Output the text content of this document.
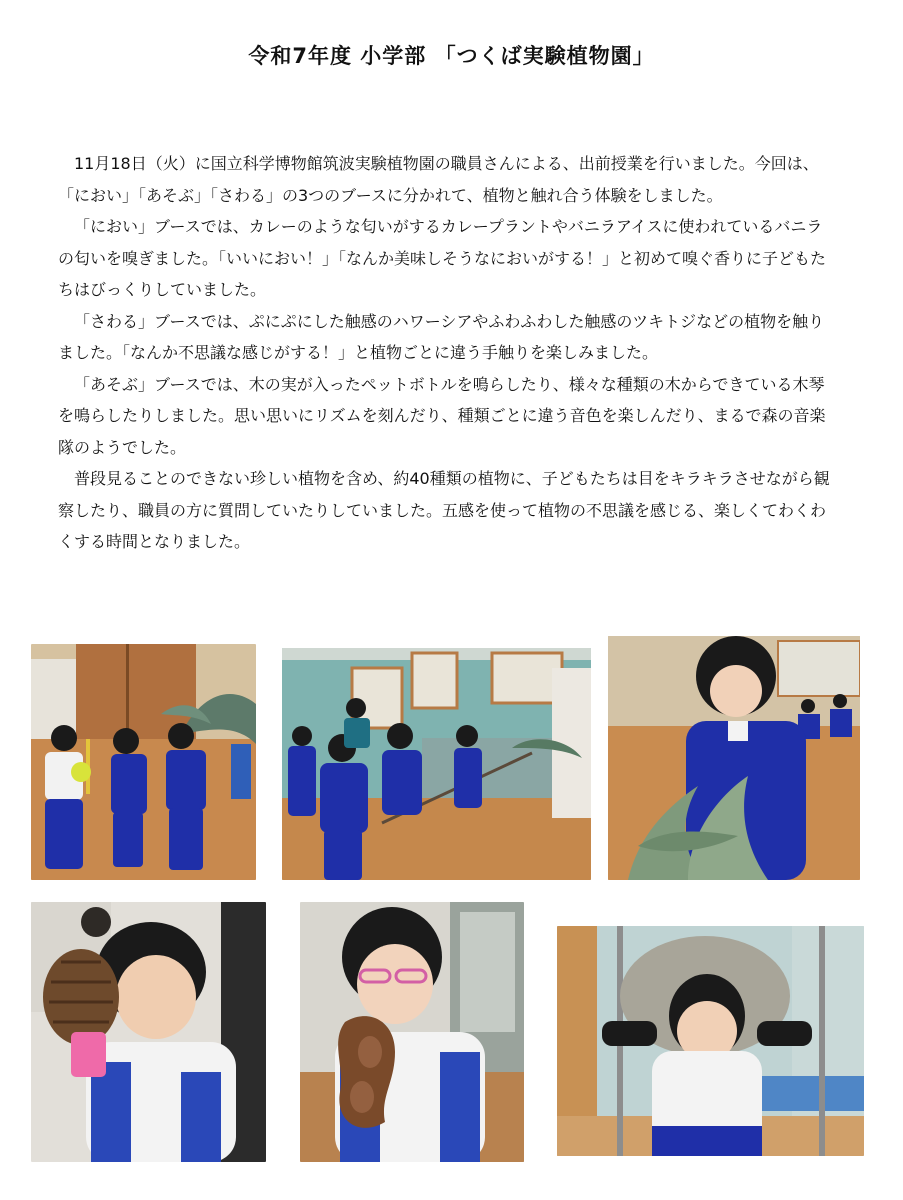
令和7年度 小学部 「つくば実験植物園」

11月18日（火）に国立科学博物館筑波実験植物園の職員さんによる、出前授業を行いました。今回は、「におい」「あそぶ」「さわる」の3つのブースに分かれて、植物と触れ合う体験をしました。

「におい」ブースでは、カレーのような匂いがするカレープラントやバニラアイスに使われているバニラの匂いを嗅ぎました。「いいにおい！」「なんか美味しそうなにおいがする！」と初めて嗅ぐ香りに子どもたちはびっくりしていました。

「さわる」ブースでは、ぷにぷにした触感のハワーシアやふわふわした触感のツキトジなどの植物を触りました。「なんか不思議な感じがする！」と植物ごとに違う手触りを楽しみました。

「あそぶ」ブースでは、木の実が入ったペットボトルを鳴らしたり、様々な種類の木からできている木琴を鳴らしたりしました。思い思いにリズムを刻んだり、種類ごとに違う音色を楽しんだり、まるで森の音楽隊のようでした。

普段見ることのできない珍しい植物を含め、約40種類の植物に、子どもたちは目をキラキラさせながら観察したり、職員の方に質問していたりしていました。五感を使って植物の不思議を感じる、楽しくてわくわくする時間となりました。
